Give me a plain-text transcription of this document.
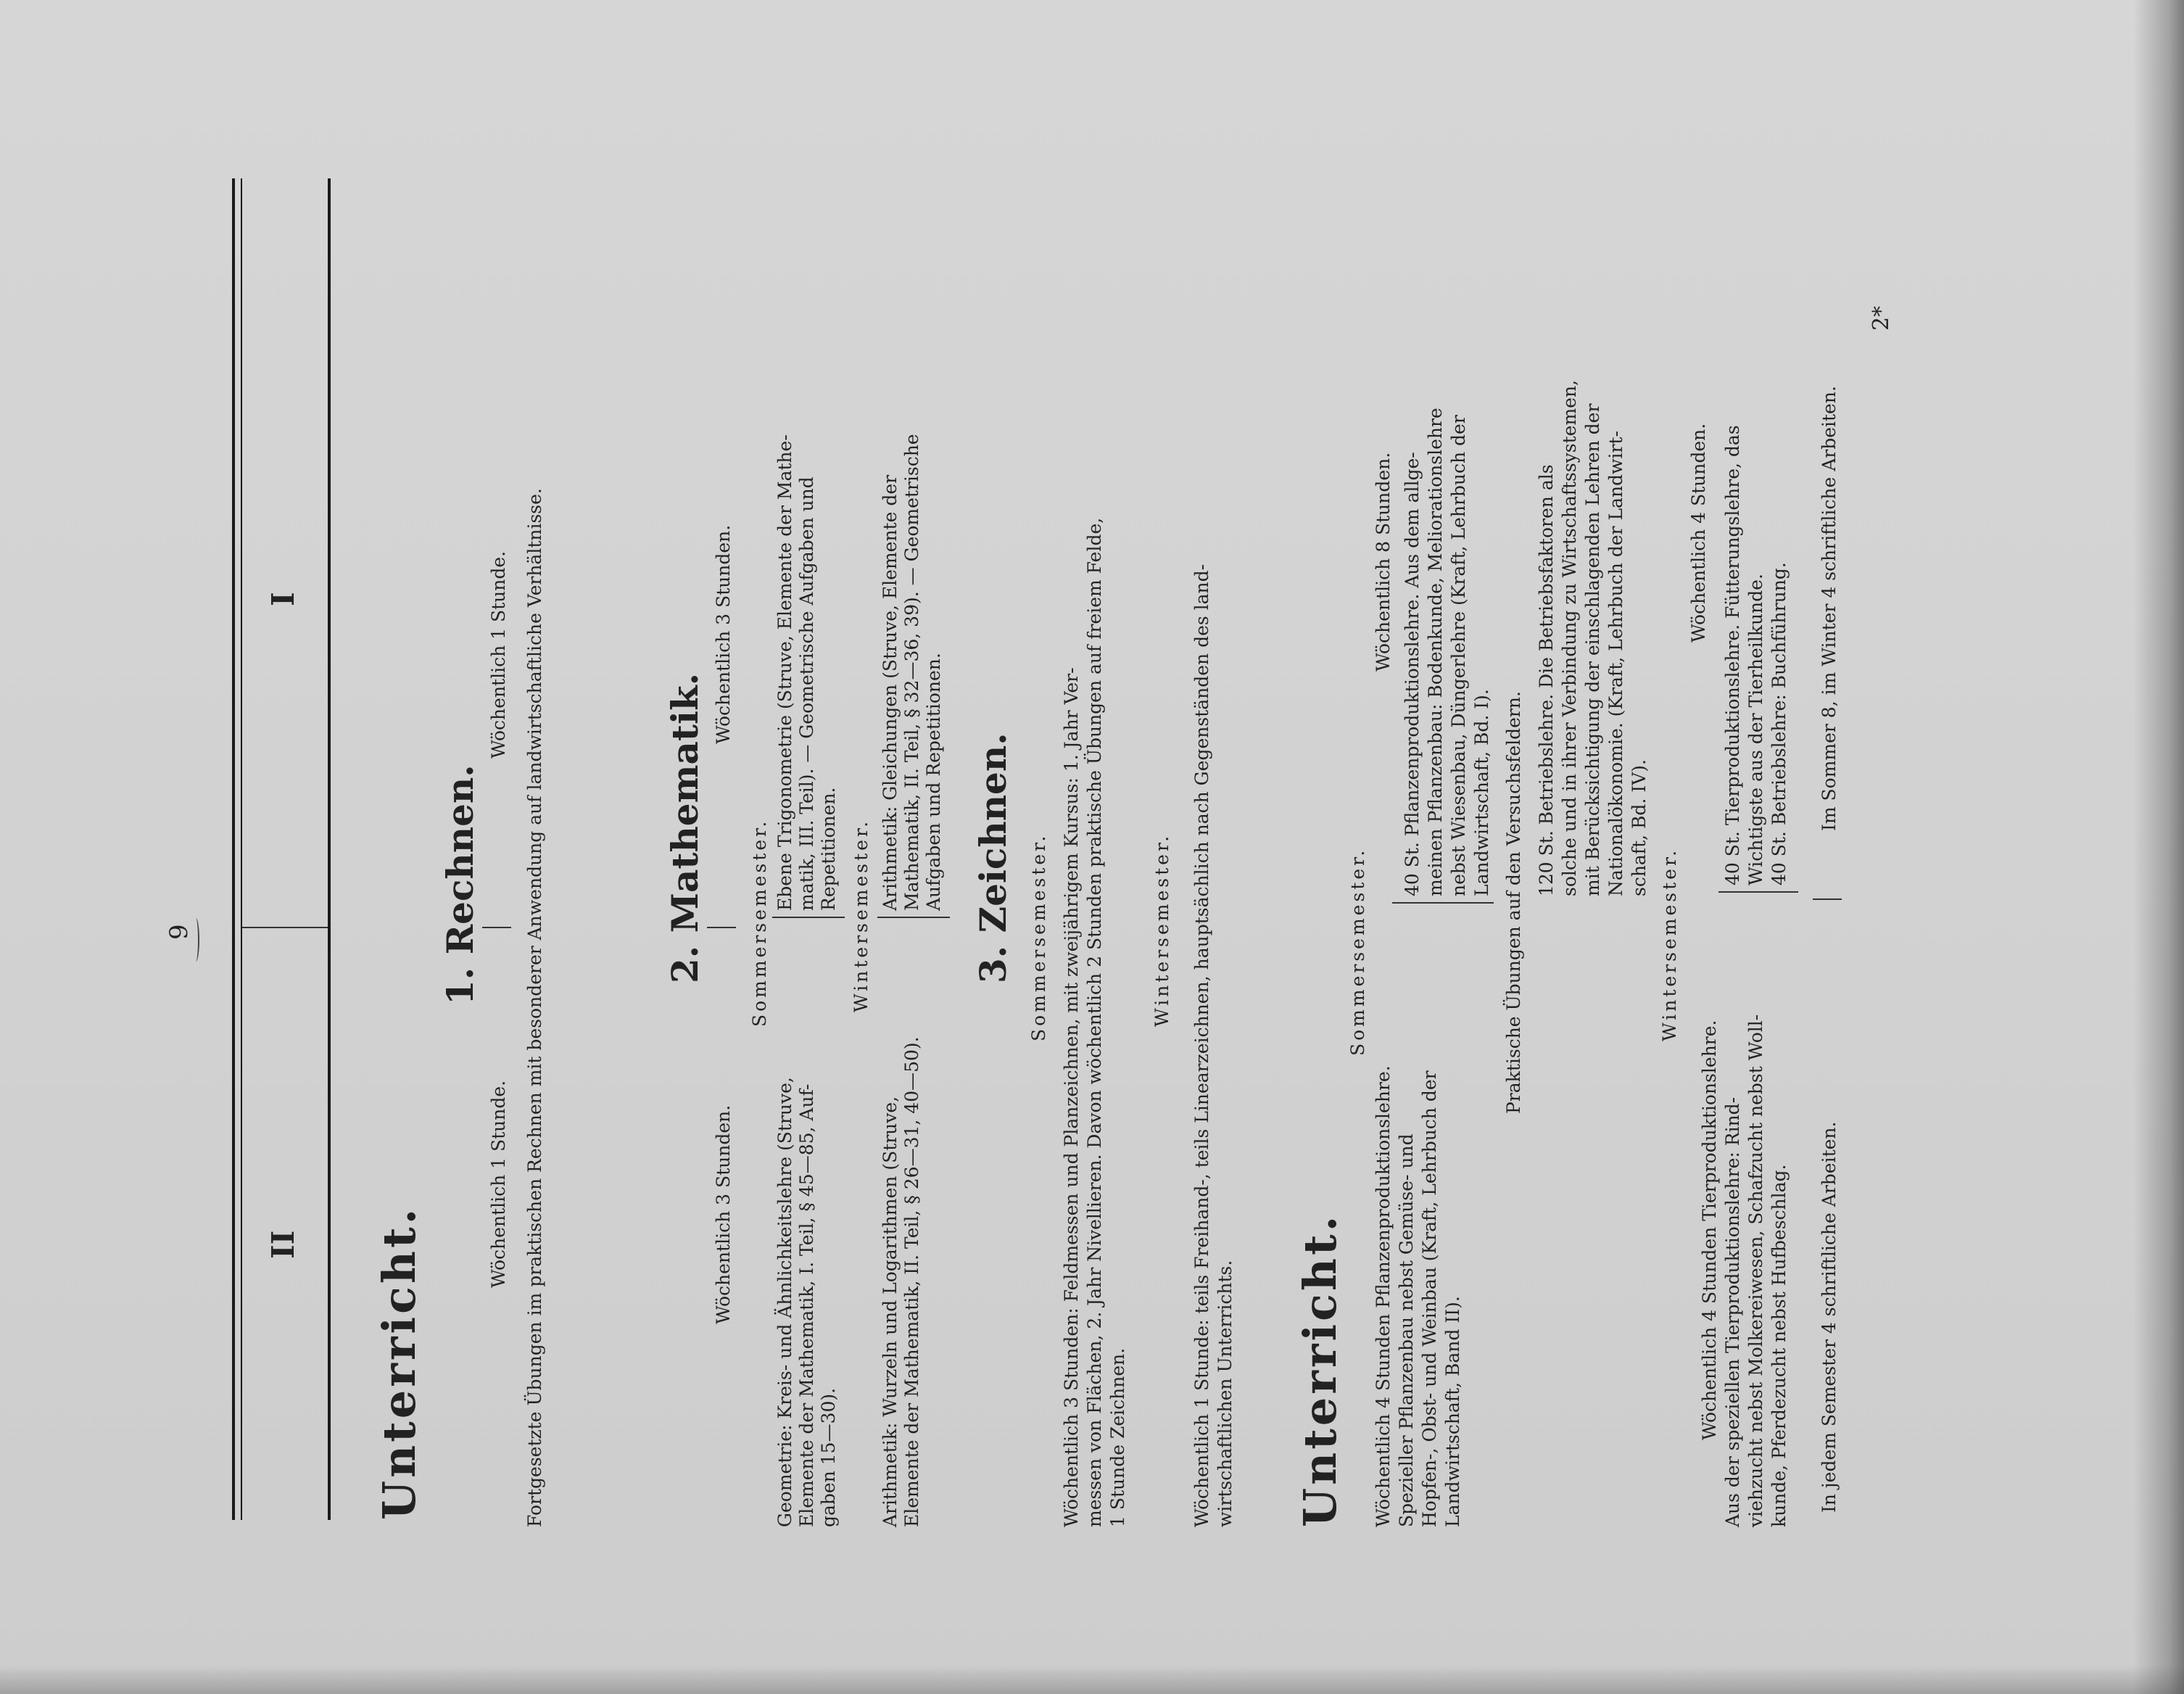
9
II
I
Unterricht.
1. Rechnen.
Wöchentlich 1 Stunde.
Wöchentlich 1 Stunde. Fortgesetzte Übungen im praktischen Rechnen mit besonderer Anwendung auf landwirtschaftliche Verhältnisse.	2. Mathematik.
Wöchentlich 3 Stunden.
Wöchentlich 3 Stunden.
Sommersemester.
Geometrie: Kreis- und Ähnlichkeitslehre (Struve, Elemente der Mathematik, I. Teil, § 45—85, Auf- gaben 15—30).
Ebene Trigonometrie (Struve, Elemente der Mathe- matik, III. Teil). — Geometrische Aufgaben und Repetitionen. Wintersemester.
Arithmetik: Wurzeln und Logarithmen (Struve, Elemente der Mathematik, II. Teil, § 26—31, 40—50).
Arithmetik: Gleichungen (Struve, Elemente der Mathematik, II. Teil, § 32—36, 39). — Geometrische Aufgaben und Repetitionen. 3. Zeichnen. Sommersemester. Wöchentlich 3 Stunden: Feldmessen und Planzeichnen, mit zweijährigem Kursus: 1. Jahr Ver- messen von Flächen, 2. Jahr Nivellieren. Davon wöchentlich 2 Stunden praktische Übungen auf freiem Felde, 1 Stunde Zeichnen.
Wintersemester. Wöchentlich 1 Stunde: teils Freihand-, teils Linearzeichnen, hauptsächlich nach Gegenständen des land- wirtschaftlichen Unterrichts. Unterricht.
Sommersemester.
Wöchentlich 8 Stunden.
Wöchentlich 4 Stunden Pflanzenproduktionslehre. Spezieller Pflanzenbau nebst Gemüse- und Hopfen-, Obst- und Weinbau (Kraft, Lehrbuch der Landwirtschaft, Band II).
40 St. Pflanzenproduktionslehre. Aus dem allge- meinen Pflanzenbau: Bodenkunde, Meliorationslehre nebst Wiesenbau, Düngerlehre (Kraft, Lehrbuch der Landwirtschaft, Bd. I). Praktische Übungen auf den Versuchsfeldern.
120 St. Betriebslehre. Die Betriebsfaktoren als solche und in ihrer Verbindung zu Wirtschaftssystemen, mit Berücksichtigung der einschlagenden Lehren der Nationalökonomie. (Kraft, Lehrbuch der Landwirt- schaft, Bd. IV).
Wintersemester.
Wöchentlich 4 Stunden.
Wöchentlich 4 Stunden Tierproduktionslehre. Aus der speziellen Tierproduktionslehre: Rind- viehzucht nebst Molkereiwesen, Schafzucht nebst Woll- kunde, Pferdezucht nebst Hufbeschlag.
40 St. Tierproduktionslehre. Fütterungslehre, das Wichtigste aus der Tierheilkunde. 40 St. Betriebslehre: Buchführung.
In jedem Semester 4 schriftliche Arbeiten.
Im Sommer 8, im Winter 4 schriftliche Arbeiten.
2*
